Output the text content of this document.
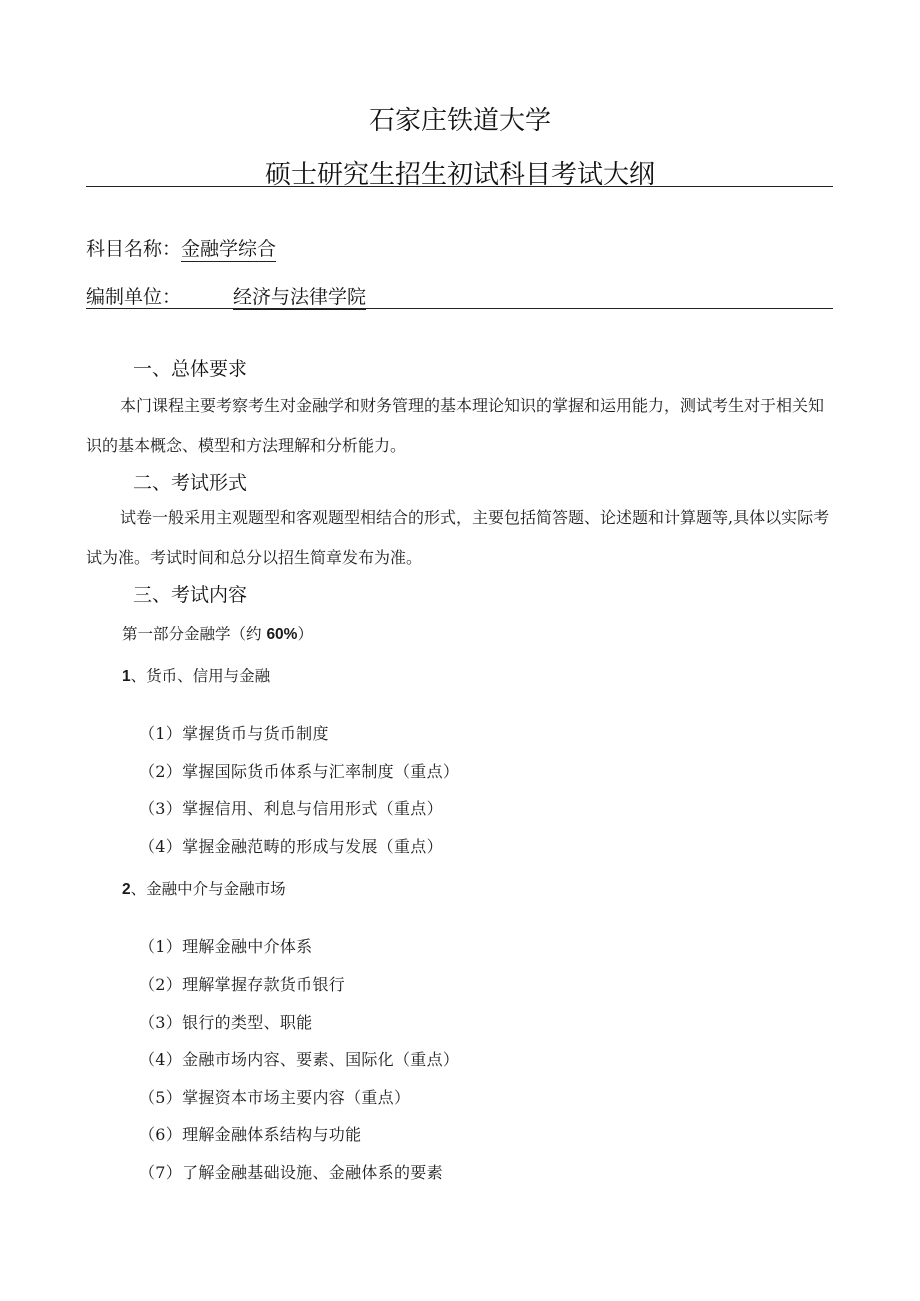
石家庄铁道大学
硕士研究生招生初试科目考试大纲
科目名称：金融学综合
编制单位：	经济与法律学院
一、总体要求
本门课程主要考察考生对金融学和财务管理的基本理论知识的掌握和运用能力，测试考生对于相关知识的基本概念、模型和方法理解和分析能力。
二、考试形式
试卷一般采用主观题型和客观题型相结合的形式，主要包括简答题、论述题和计算题等,具体以实际考试为准。考试时间和总分以招生简章发布为准。
三、考试内容
第一部分金融学（约 60%）
1、货币、信用与金融
（1）掌握货币与货币制度
（2）掌握国际货币体系与汇率制度（重点）
（3）掌握信用、利息与信用形式（重点）
（4）掌握金融范畴的形成与发展（重点）
2、金融中介与金融市场
（1）理解金融中介体系
（2）理解掌握存款货币银行
（3）银行的类型、职能
（4）金融市场内容、要素、国际化（重点）
（5）掌握资本市场主要内容（重点）
（6）理解金融体系结构与功能
（7）了解金融基础设施、金融体系的要素
